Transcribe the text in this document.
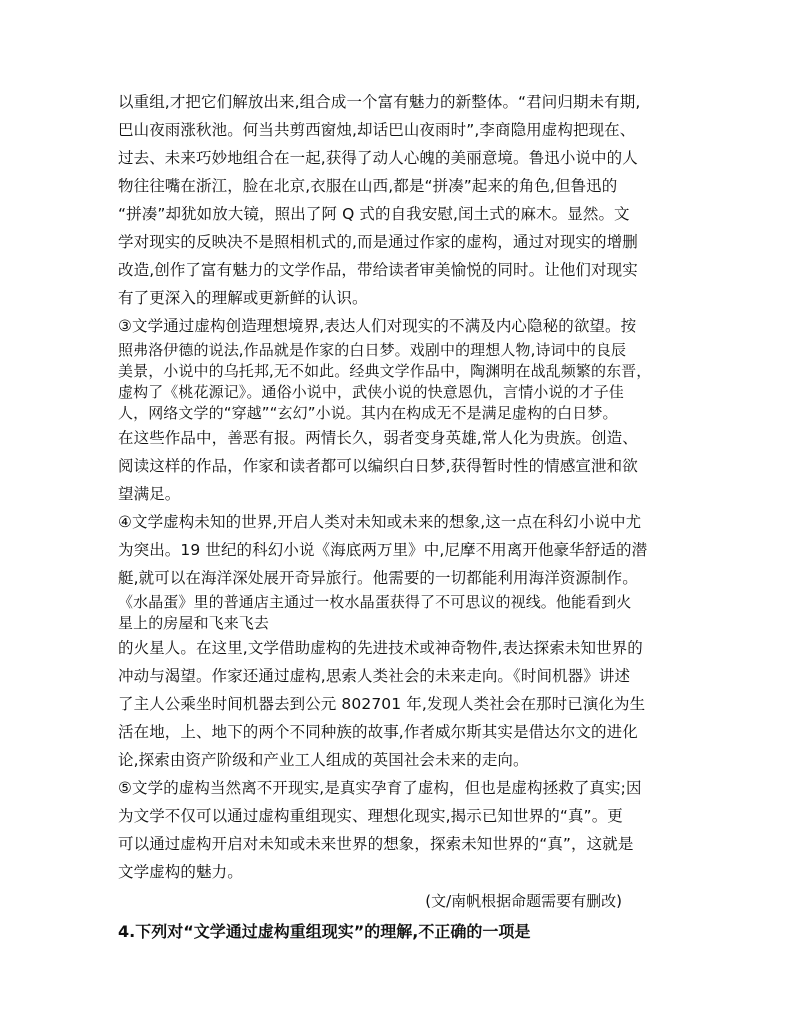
以重组,才把它们解放出来,组合成一个富有魅力的新整体。“君问归期未有期,
巴山夜雨涨秋池。何当共剪西窗烛,却话巴山夜雨时”,李商隐用虚构把现在、
过去、未来巧妙地组合在一起,获得了动人心魄的美丽意境。鲁迅小说中的人
物往往嘴在浙江，脸在北京,衣服在山西,都是“拼凑”起来的角色,但鲁迅的
“拼凑”却犹如放大镜，照出了阿 Q 式的自我安慰,闰土式的麻木。显然。文
学对现实的反映决不是照相机式的,而是通过作家的虚构，通过对现实的增删
改造,创作了富有魅力的文学作品，带给读者审美愉悦的同时。让他们对现实
有了更深入的理解或更新鲜的认识。
③文学通过虚构创造理想境界,表达人们对现实的不满及内心隐秘的欲望。按
照弗洛伊德的说法,作品就是作家的白日梦。戏剧中的理想人物,诗词中的良辰
美景，小说中的乌托邦,无不如此。经典文学作品中，陶渊明在战乱频繁的东晋，
虚构了《桃花源记》。通俗小说中，武侠小说的快意恩仇，言情小说的才子佳
人，网络文学的“穿越”“玄幻”小说。其内在构成无不是满足虚构的白日梦。
在这些作品中，善恶有报。两情长久，弱者变身英雄,常人化为贵族。创造、
阅读这样的作品，作家和读者都可以编织白日梦,获得暂时性的情感宣泄和欲
望满足。
④文学虚构未知的世界,开启人类对未知或未来的想象,这一点在科幻小说中尤
为突出。19 世纪的科幻小说《海底两万里》中,尼摩不用离开他豪华舒适的潜
艇,就可以在海洋深处展开奇异旅行。他需要的一切都能利用海洋资源制作。
《水晶蛋》里的普通店主通过一枚水晶蛋获得了不可思议的视线。他能看到火
星上的房屋和飞来飞去
的火星人。在这里,文学借助虚构的先进技术或神奇物件,表达探索未知世界的
冲动与渴望。作家还通过虚构,思索人类社会的未来走向。《时间机器》讲述
了主人公乘坐时间机器去到公元 802701 年,发现人类社会在那时已演化为生
活在地，上、地下的两个不同种族的故事,作者威尔斯其实是借达尔文的进化
论,探索由资产阶级和产业工人组成的英国社会未来的走向。
⑤文学的虚构当然离不开现实,是真实孕育了虚构，但也是虚构拯救了真实;因
为文学不仅可以通过虚构重组现实、理想化现实,揭示已知世界的“真”。更
可以通过虚构开启对未知或未来世界的想象，探索未知世界的“真”，这就是
文学虚构的魅力。
(文/南帆根据命题需要有删改)
4.下列对“文学通过虚构重组现实”的理解,不正确的一项是
